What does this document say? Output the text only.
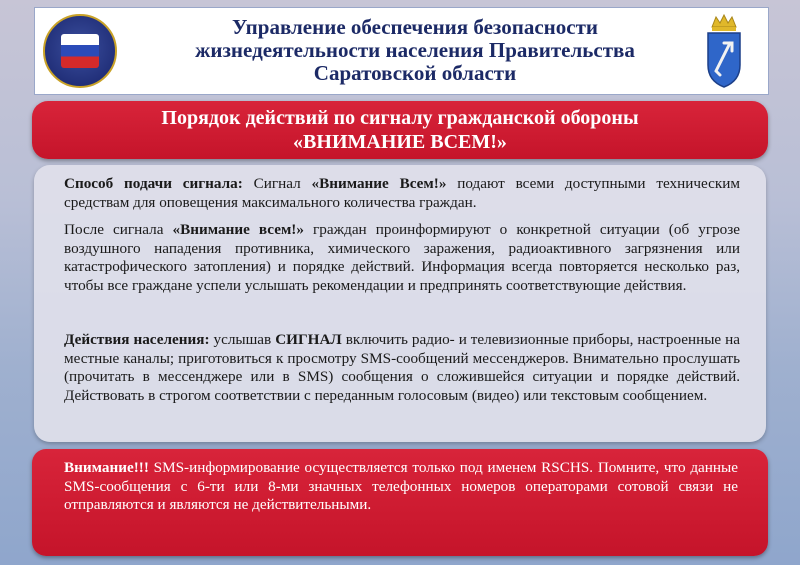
Управление обеспечения безопасности
жизнедеятельности населения Правительства
Саратовской области
Порядок действий по сигналу гражданской обороны
«ВНИМАНИЕ ВСЕМ!»

Способ подачи сигнала: Сигнал «Внимание Всем!» подают всеми доступными техническим средствам для оповещения максимального количества граждан.

После сигнала «Внимание всем!» граждан проинформируют о конкретной ситуации (об угрозе воздушного нападения противника, химического заражения, радиоактивного загрязнения или катастрофического затопления) и порядке действий. Информация всегда повторяется несколько раз, чтобы все граждане успели услышать рекомендации и предпринять соответствующие действия.

Действия населения: услышав СИГНАЛ включить радио- и телевизионные приборы, настроенные на местные каналы; приготовиться к просмотру SMS-сообщений мессенджеров. Внимательно прослушать (прочитать в мессенджере или в SMS) сообщения о сложившейся ситуации и порядке действий. Действовать в строгом соответствии с переданным голосовым (видео) или текстовым сообщением.

Внимание!!! SMS-информирование осуществляется только под именем RSCHS. Помните, что данные SMS-сообщения с 6-ти или 8-ми значных телефонных номеров операторами сотовой связи не отправляются и являются не действительными.
